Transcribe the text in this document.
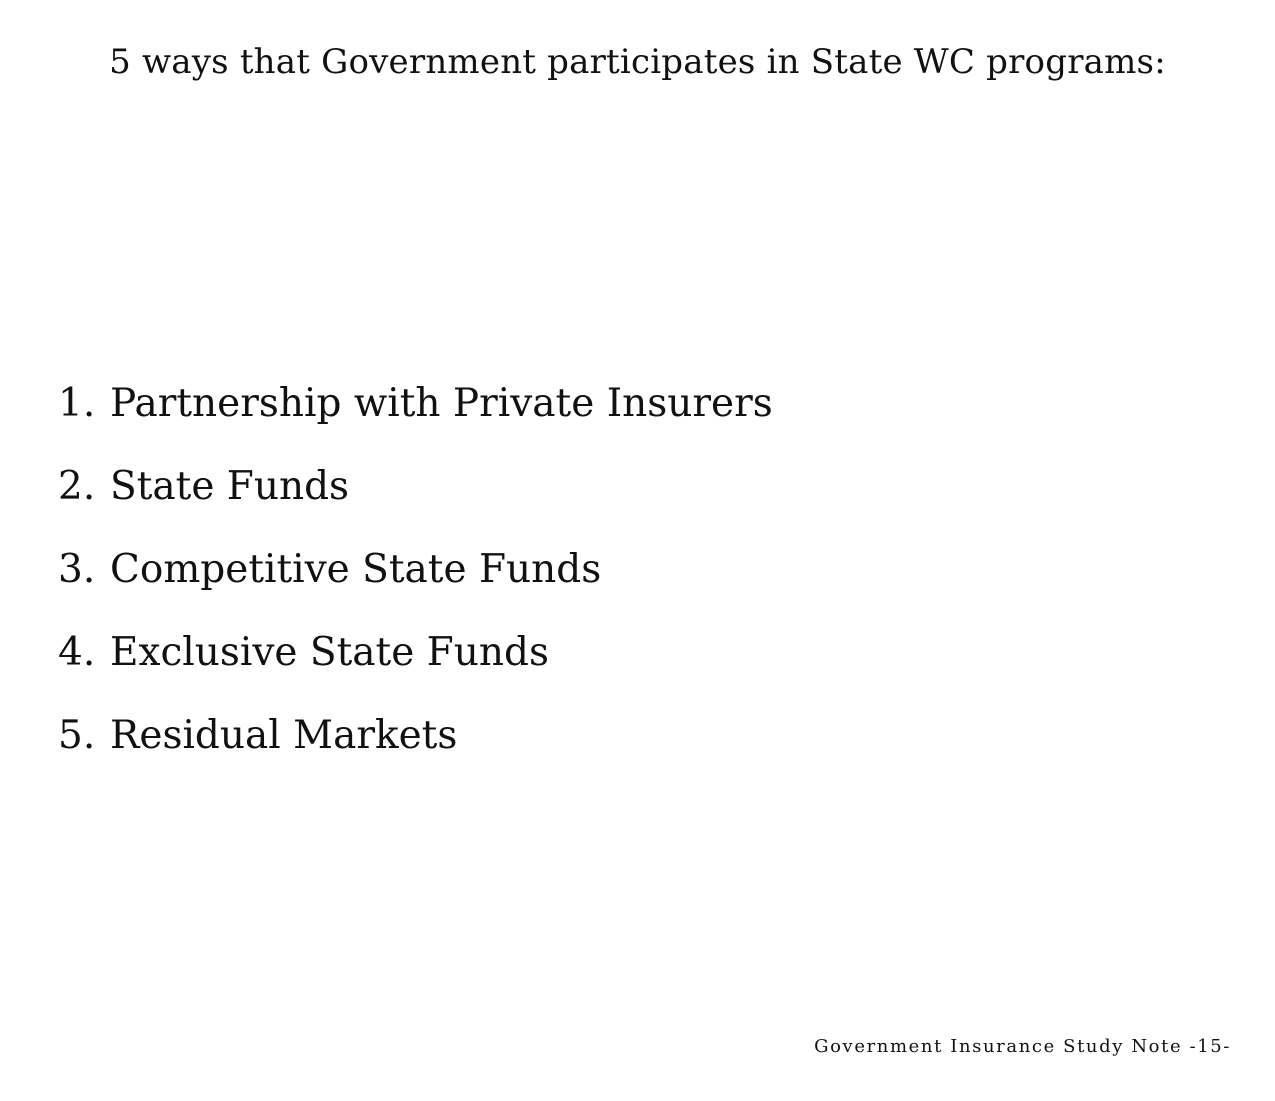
5 ways that Government participates in State WC programs:
1. Partnership with Private Insurers
2. State Funds
3. Competitive State Funds
4. Exclusive State Funds
5. Residual Markets
Government Insurance Study Note -15-
